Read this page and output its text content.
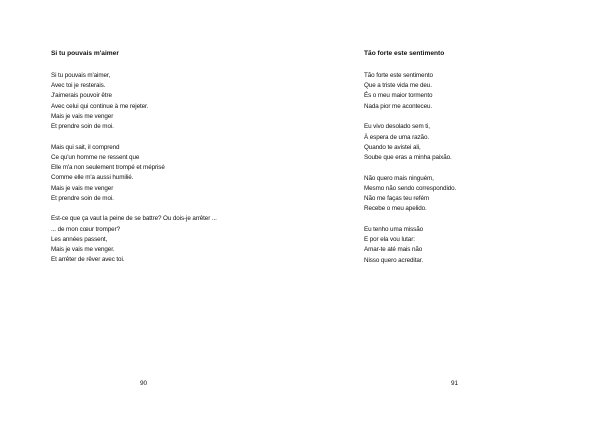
Si tu pouvais m'aimer
Si tu pouvais m'aimer,
Avec toi je resterais.
J'aimerais pouvoir être
Avec celui qui continue à me rejeter.
Mais je vais me venger
Et prendre soin de moi.
Mais qui sait, il comprend
Ce qu'un homme ne ressent que
Elle m'a non seulement trompé et méprisé
Comme elle m'a aussi humilié.
Mais je vais me venger
Et prendre soin de moi.
Est-ce que ça vaut la peine de se battre? Ou dois-je arrêter ...
... de mon cœur tromper?
Les années passent,
Mais je vais me venger.
Et arrêter de rêver avec toi.
90
Tão forte este sentimento
Tão forte este sentimento
Que a triste vida me deu.
És o meu maior tormento
Nada pior me aconteceu.
Eu vivo desolado sem ti,
À espera de uma razão.
Quando te avistei ali,
Soube que eras a minha paixão.
Não quero mais ninguém,
Mesmo não sendo correspondido.
Não me faças teu refém
Recebe o meu apelido.
Eu tenho uma missão
E por ela vou lutar:
Amar-te até mais não
Nisso quero acreditar.
91
